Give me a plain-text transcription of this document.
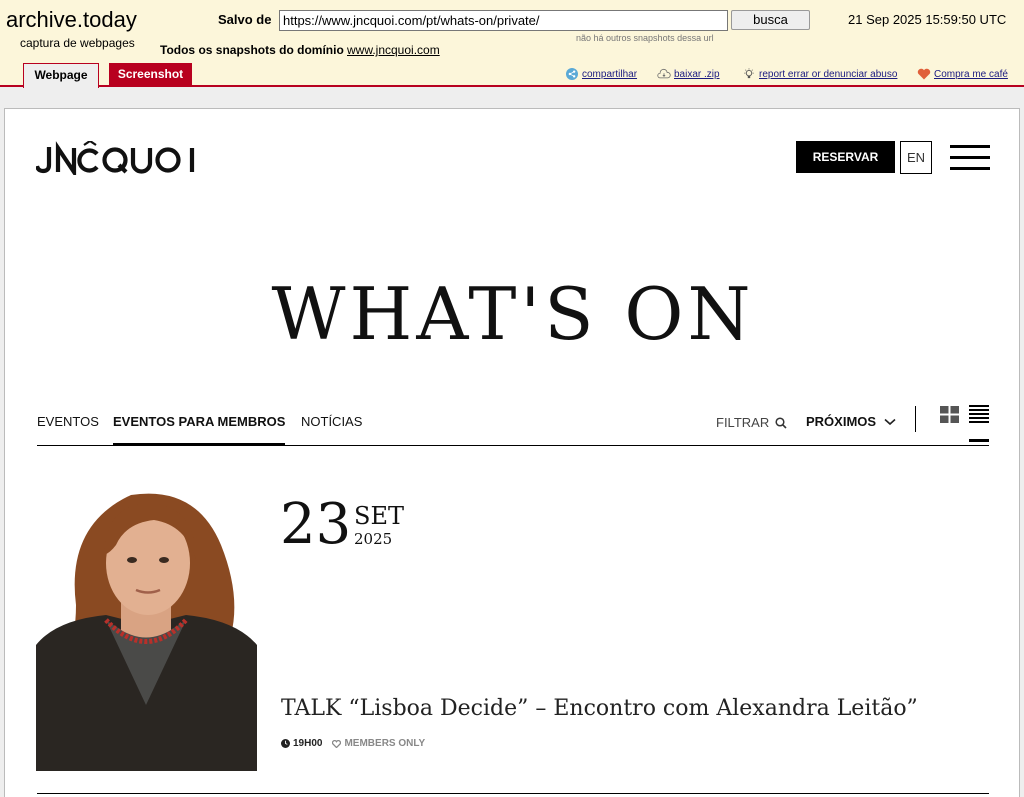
archive.today
captura de webpages
Salvo de
https://www.jncquoi.com/pt/whats-on/private/	busca	21 Sep 2025 15:59:50 UTC
não há outros snapshots dessa url
Todos os snapshots do domínio www.jncquoi.com
Webpage	Screenshot	compartilhar	baixar .zip	report errar or denunciar abuso	Compra me café
RESERVAR	EN
WHAT'S ON
EVENTOS EVENTOS PARA MEMBROS NOTÍCIAS	FILTRAR	PRÓXIMOS
23 SET
2025
TALK “Lisboa Decide” – Encontro com Alexandra Leitão”
19H00 MEMBERS ONLY
